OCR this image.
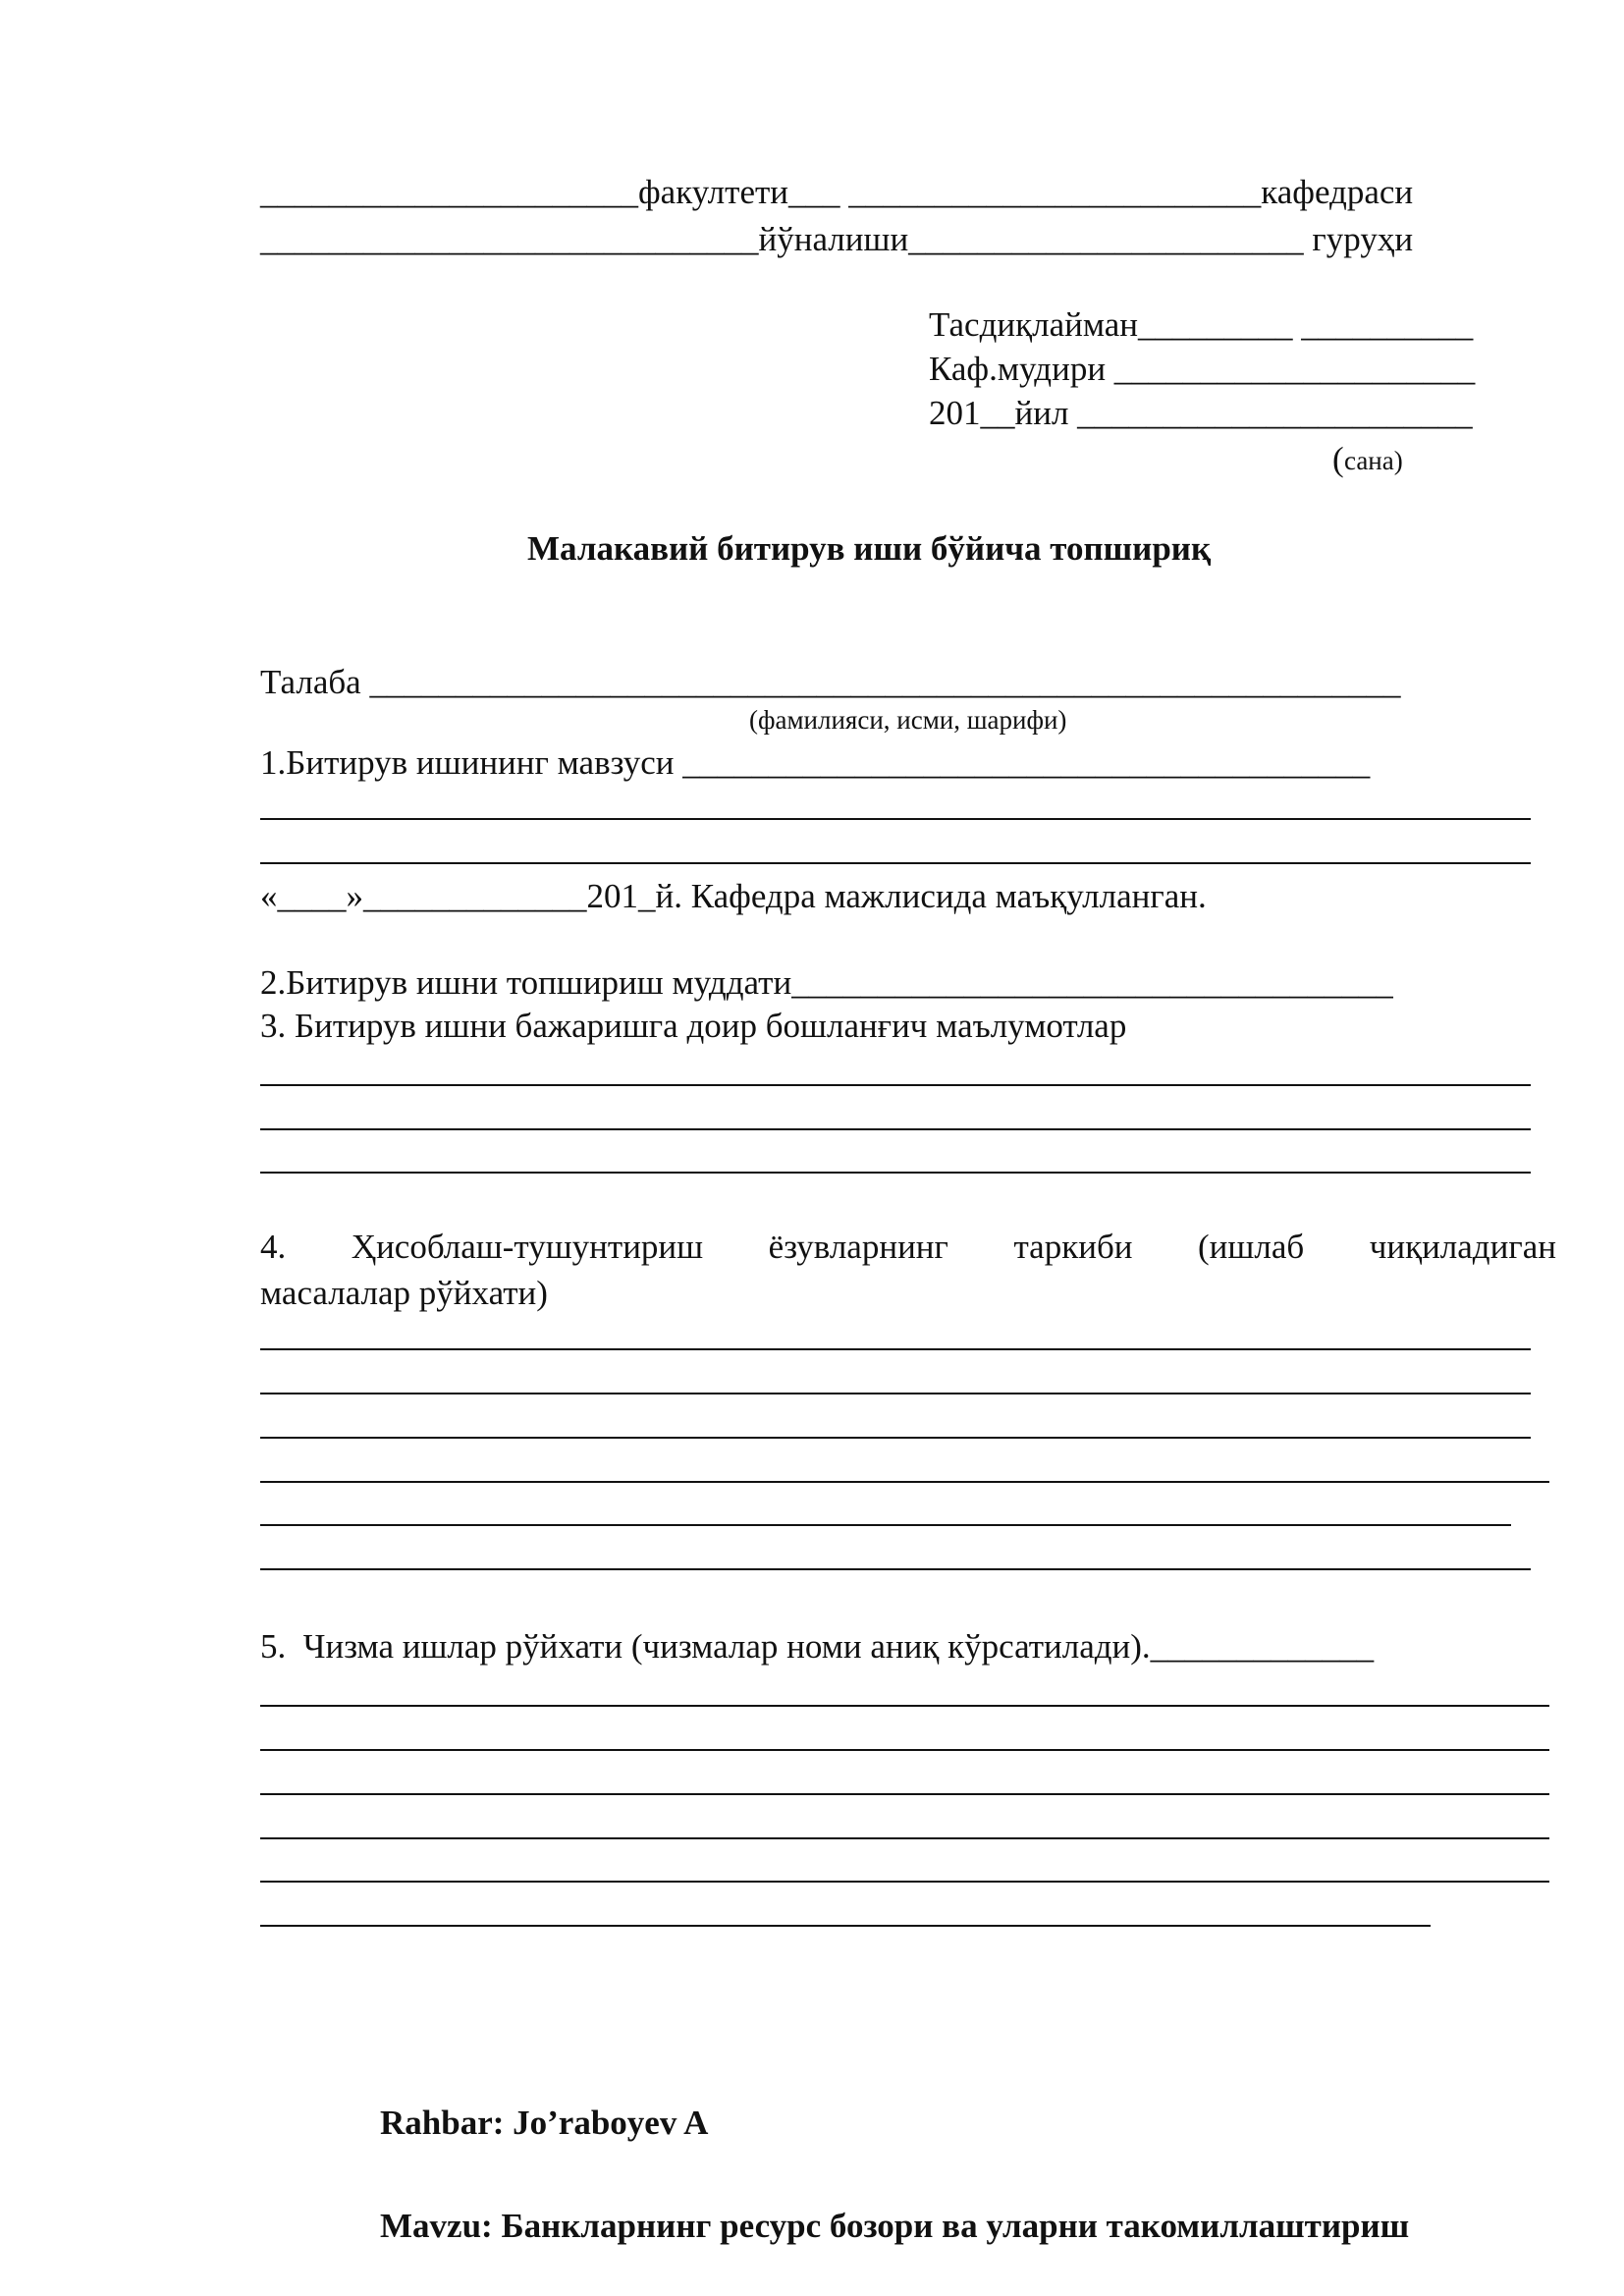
______________________факултети___ ________________________кафедраси
_____________________________йўналиши_______________________ гуруҳи
Тасдиқлайман_________ __________
Каф.мудири _____________________
201__йил _______________________
( сана)
Малакавий битирув иши бўйича топшириқ
Талаба ____________________________________________________________
(фамилияси, исми, шарифи)
1.Битирув ишининг мавзуси ________________________________________
«____»_____________201_й. Кафедра мажлисида маъқулланган.
2.Битирув ишни топшириш муддати___________________________________
3. Битирув ишни бажаришга доир бошланғич маълумотлар
4. Ҳисоблаш-тушунтириш ёзувларнинг таркиби (ишлаб чиқиладиган
масалалар рўйхати)
5.  Чизма ишлар рўйхати (чизмалар номи аниқ кўрсатилади)._____________
Rahbar: Jo’raboyev A
Mavzu: Банкларнинг ресурс бозори ва уларни такомиллаштириш
